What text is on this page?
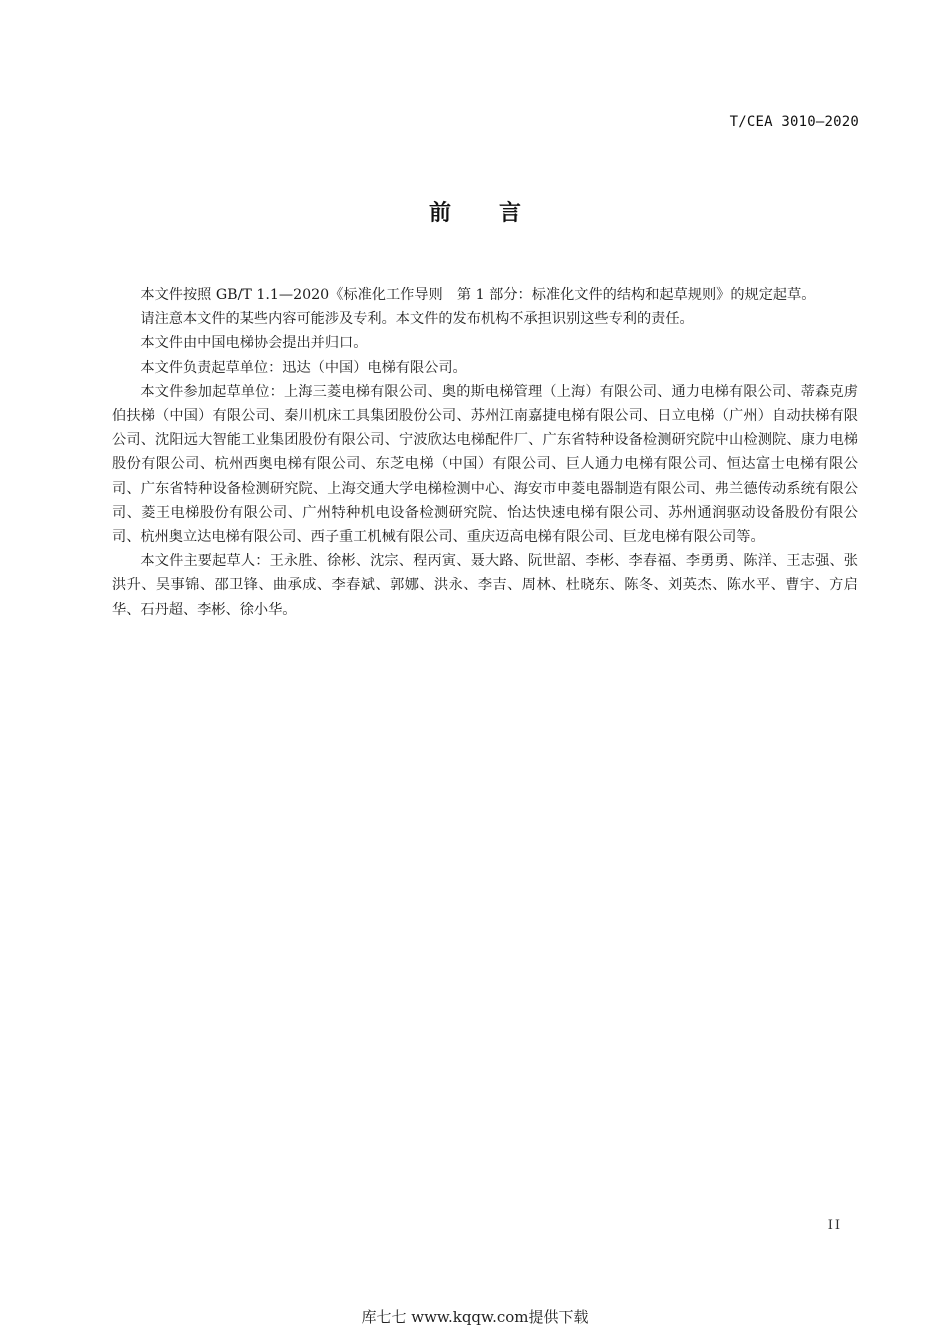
T/CEA 3010—2020
前言

本文件按照 GB/T 1.1—2020《标准化工作导则　第 1 部分：标准化文件的结构和起草规则》的规定起草。

请注意本文件的某些内容可能涉及专利。本文件的发布机构不承担识别这些专利的责任。

本文件由中国电梯协会提出并归口。

本文件负责起草单位：迅达（中国）电梯有限公司。

本文件参加起草单位：上海三菱电梯有限公司、奥的斯电梯管理（上海）有限公司、通力电梯有限公司、蒂森克虏伯扶梯（中国）有限公司、秦川机床工具集团股份公司、苏州江南嘉捷电梯有限公司、日立电梯（广州）自动扶梯有限公司、沈阳远大智能工业集团股份有限公司、宁波欣达电梯配件厂、广东省特种设备检测研究院中山检测院、康力电梯股份有限公司、杭州西奥电梯有限公司、东芝电梯（中国）有限公司、巨人通力电梯有限公司、恒达富士电梯有限公司、广东省特种设备检测研究院、上海交通大学电梯检测中心、海安市申菱电器制造有限公司、弗兰德传动系统有限公司、菱王电梯股份有限公司、广州特种机电设备检测研究院、怡达快速电梯有限公司、苏州通润驱动设备股份有限公司、杭州奥立达电梯有限公司、西子重工机械有限公司、重庆迈高电梯有限公司、巨龙电梯有限公司等。

本文件主要起草人：王永胜、徐彬、沈宗、程丙寅、聂大路、阮世韶、李彬、李春福、李勇勇、陈洋、王志强、张洪升、吴事锦、邵卫锋、曲承成、李春斌、郭娜、洪永、李吉、周林、杜晓东、陈冬、刘英杰、陈水平、曹宇、方启华、石丹超、李彬、徐小华。

II
库七七 www.kqqw.com提供下载
